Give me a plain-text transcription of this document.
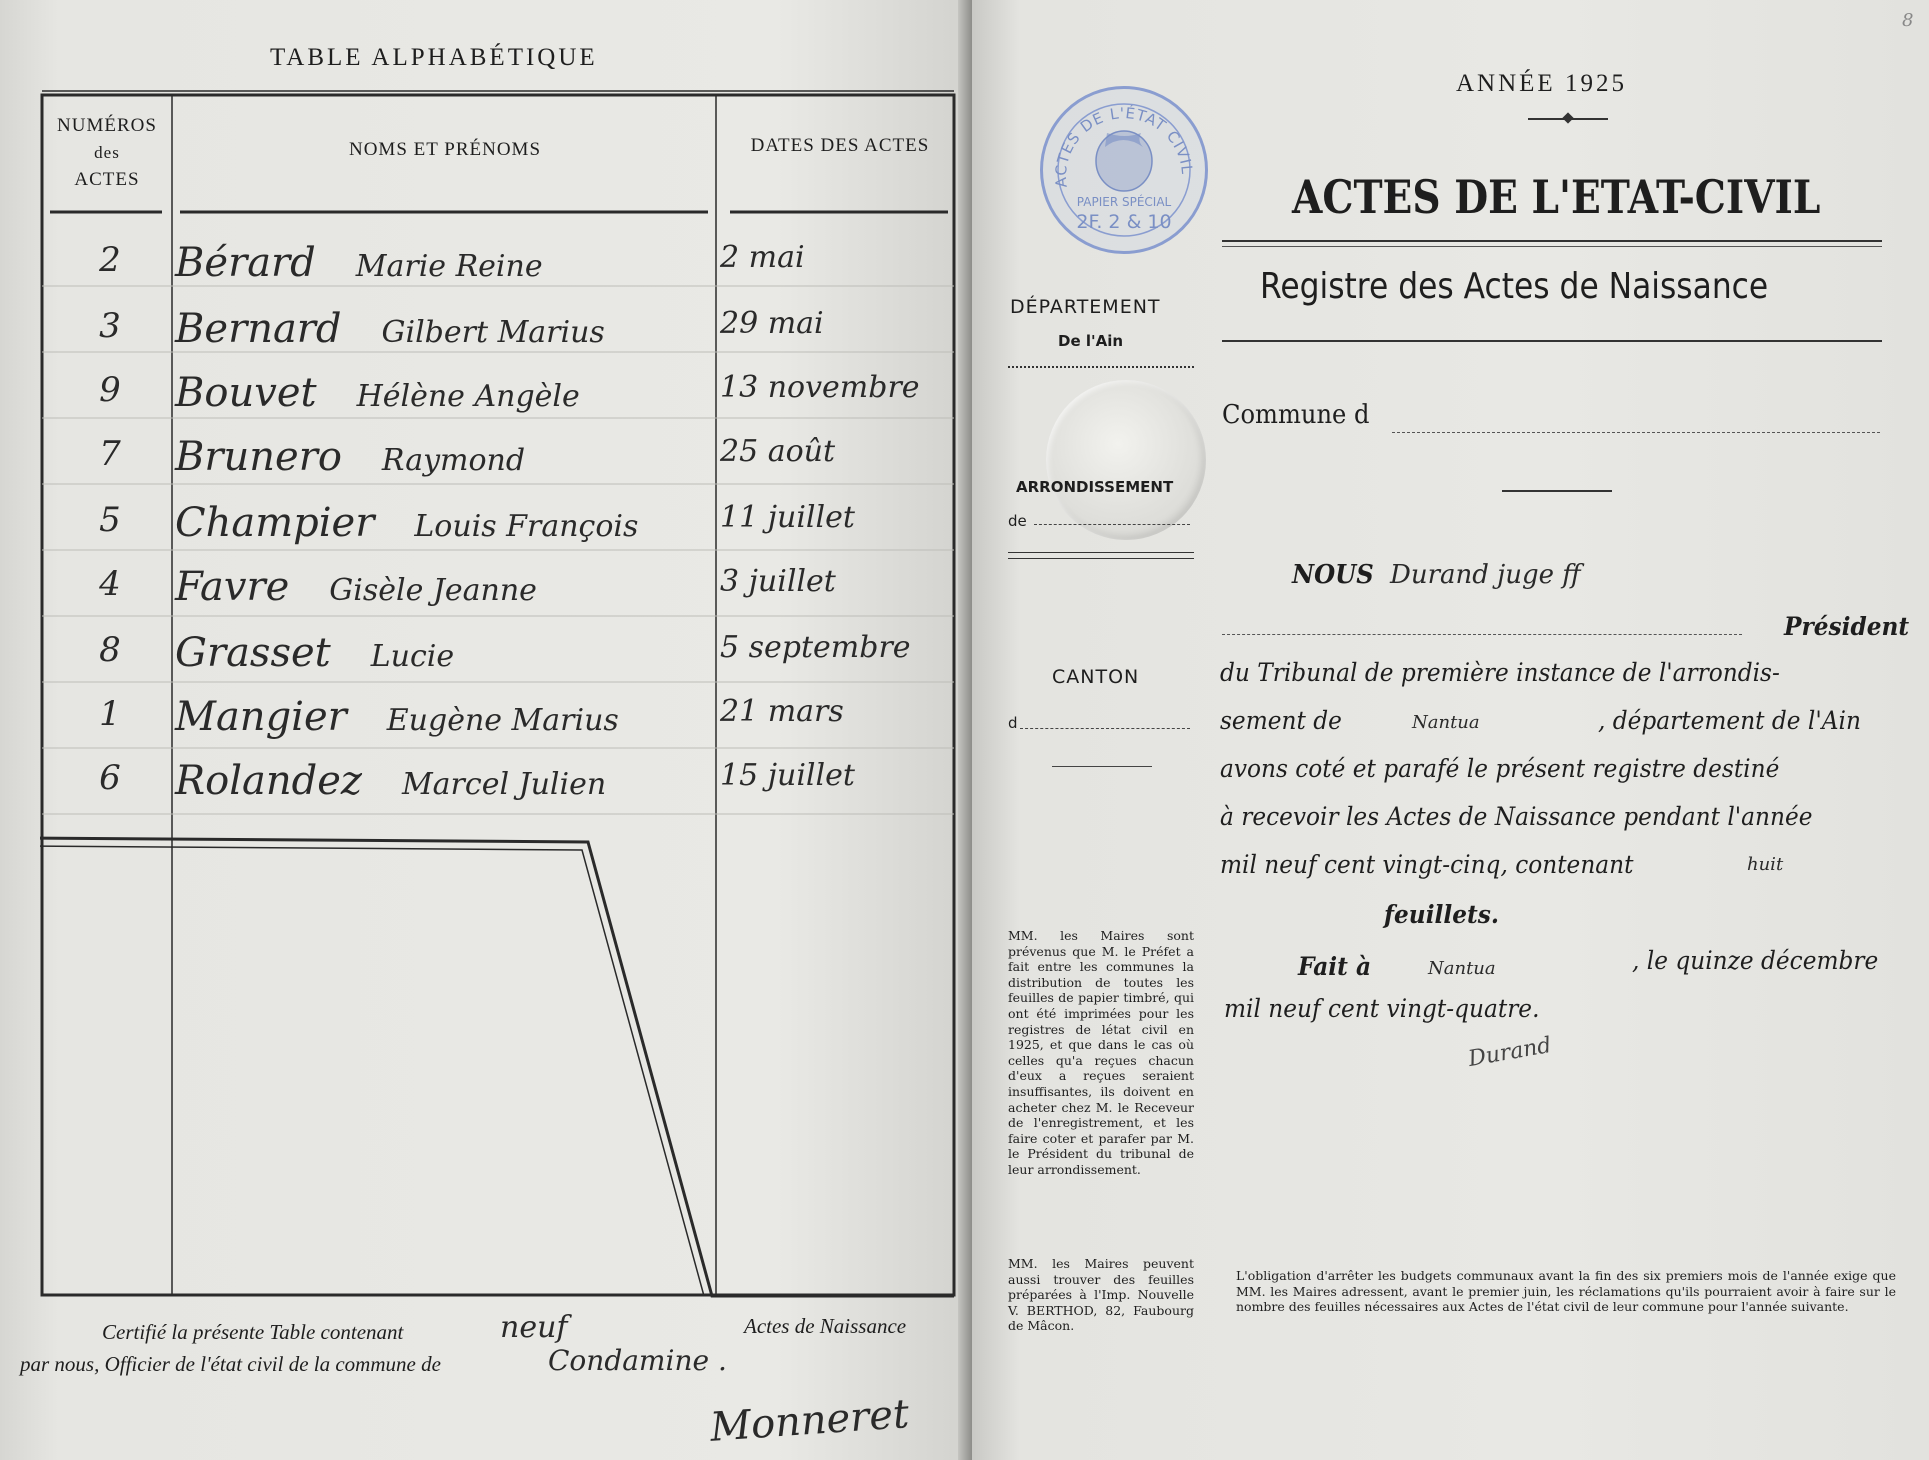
TABLE ALPHABÉTIQUE
NUMÉROS
des
ACTES
NOMS ET PRÉNOMS	DATES DES ACTES
2	Bérard Marie Reine	2 mai
3	Bernard Gilbert Marius	29 mai
9	Bouvet Hélène Angèle	13 novembre
7	Brunero Raymond	25 août
5	Champier Louis François	11 juillet
4	Favre Gisèle Jeanne	3 juillet
8	Grasset Lucie	5 septembre
1	Mangier Eugène Marius	21 mars
6	Rolandez Marcel Julien	15 juillet
Certifié la présente Table contenant	neuf	Actes de Naissance
par nous, Officier de l'état civil de la commune de	Condamine .
Monneret
ANNÉE 1925
ACTES DE L'ÉTAT CIVIL
PAPIER SPÉCIAL
2F. 2 & 10	ACTES DE L'ETAT-CIVIL
Registre des Actes de Naissance
DÉPARTEMENT
De l'Ain
ARRONDISSEMENT
de
CANTON
d
MM. les Maires sont prévenus que M. le Préfet a fait entre les communes la distribution de toutes les feuilles de papier timbré, qui ont été imprimées pour les registres de létat civil en 1925, et que dans le cas où celles qu'a reçues chacun d'eux a reçues seraient insuffisantes, ils doivent en acheter chez M. le Receveur de l'enregistrement, et les faire coter et parafer par M. le Président du tribunal de leur arrondissement.
MM. les Maires peuvent aussi trouver des feuilles préparées à l'Imp. Nouvelle V. BERTHOD, 82, Faubourg de Mâcon.
Commune d
NOUS Durand juge ff
Président
du Tribunal de première instance de l'arrondis-
sement de	Nantua	, département de l'Ain
avons coté et parafé le présent registre destiné
à recevoir les Actes de Naissance pendant l'année
mil neuf cent vingt-cinq, contenant	huit
feuillets.
Fait à	Nantua	, le quinze décembre
mil neuf cent vingt-quatre.
Durand
L'obligation d'arrêter les budgets communaux avant la fin des six premiers mois de l'année exige que MM. les Maires adressent, avant le premier juin, les réclamations qu'ils pourraient avoir à faire sur le nombre des feuilles nécessaires aux Actes de l'état civil de leur commune pour l'année suivante.
8
